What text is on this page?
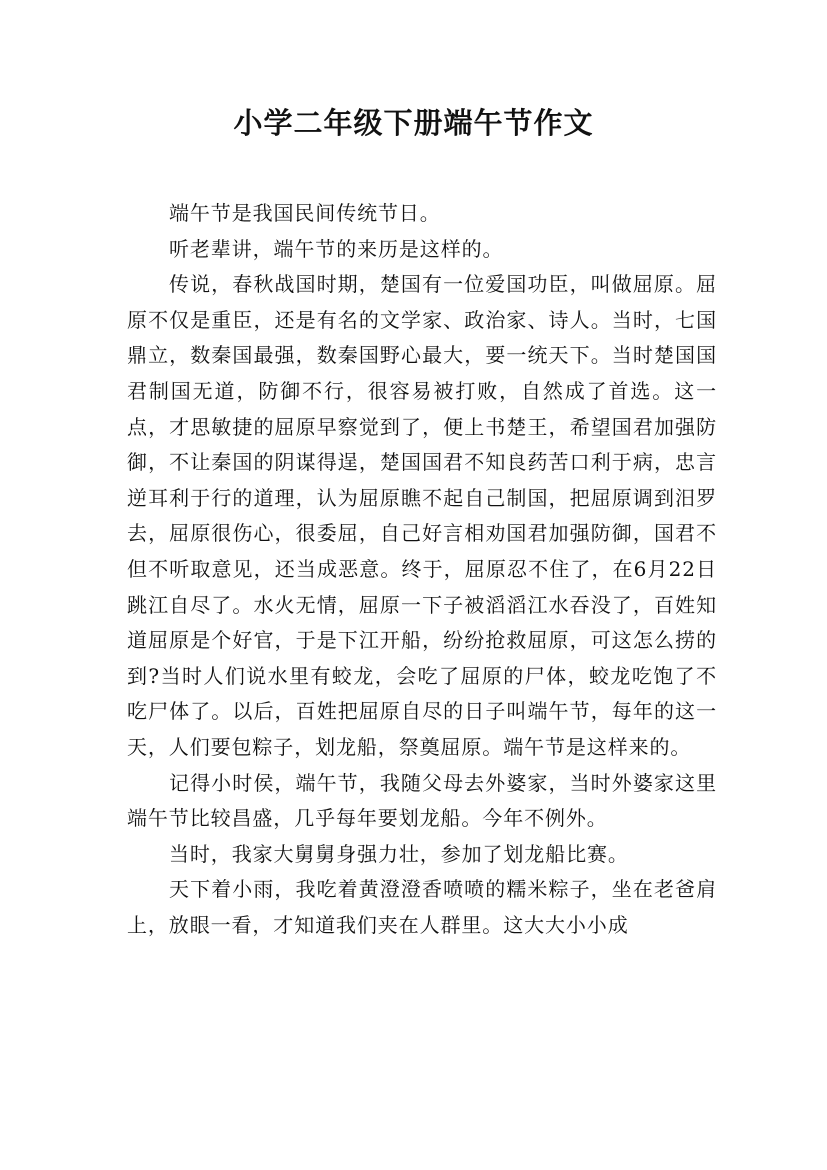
小学二年级下册端午节作文

端午节是我国民间传统节日。

听老辈讲，端午节的来历是这样的。

传说，春秋战国时期，楚国有一位爱国功臣，叫做屈原。屈原不仅是重臣，还是有名的文学家、政治家、诗人。当时，七国鼎立，数秦国最强，数秦国野心最大，要一统天下。当时楚国国君制国无道，防御不行，很容易被打败，自然成了首选。这一点，才思敏捷的屈原早察觉到了，便上书楚王，希望国君加强防御，不让秦国的阴谋得逞，楚国国君不知良药苦口利于病，忠言逆耳利于行的道理，认为屈原瞧不起自己制国，把屈原调到汨罗去，屈原很伤心，很委屈，自己好言相劝国君加强防御，国君不但不听取意见，还当成恶意。终于，屈原忍不住了，在6月22日跳江自尽了。水火无情，屈原一下子被滔滔江水吞没了，百姓知道屈原是个好官，于是下江开船，纷纷抢救屈原，可这怎么捞的到?当时人们说水里有蛟龙，会吃了屈原的尸体，蛟龙吃饱了不吃尸体了。以后，百姓把屈原自尽的日子叫端午节，每年的这一天，人们要包粽子，划龙船，祭奠屈原。端午节是这样来的。

记得小时侯，端午节，我随父母去外婆家，当时外婆家这里端午节比较昌盛，几乎每年要划龙船。今年不例外。

当时，我家大舅舅身强力壮，参加了划龙船比赛。

天下着小雨，我吃着黄澄澄香喷喷的糯米粽子，坐在老爸肩上，放眼一看，才知道我们夹在人群里。这大大小小成
